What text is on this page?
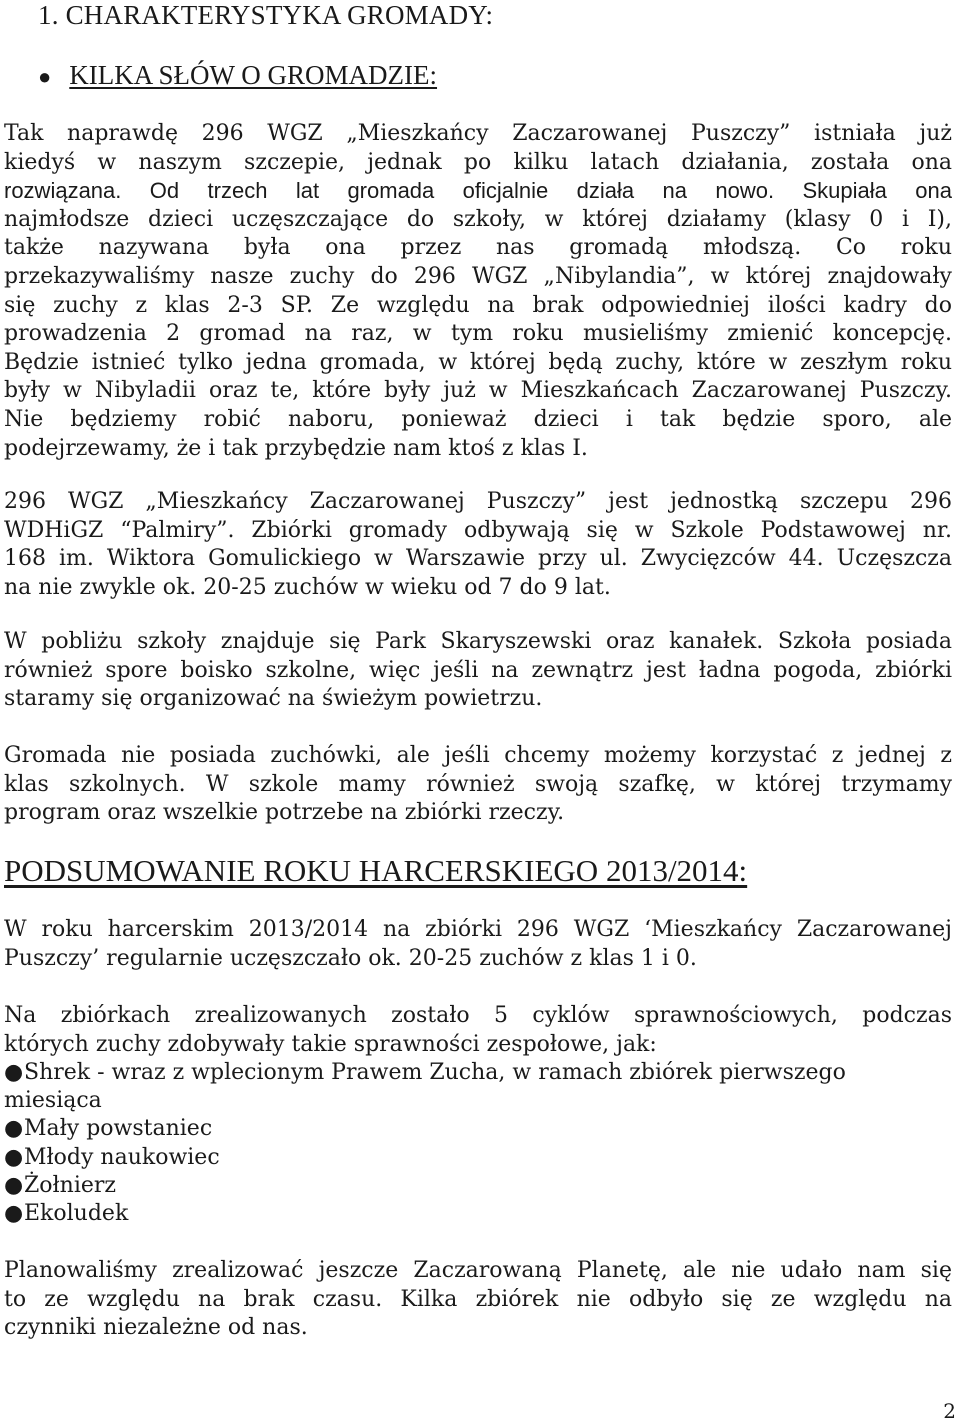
1. CHARAKTERYSTYKA GROMADY:
● KILKA SŁÓW O GROMADZIE:
Tak naprawdę 296 WGZ „Mieszkańcy Zaczarowanej Puszczy” istniała już
kiedyś w naszym szczepie, jednak po kilku latach działania, została ona
rozwiązana. Od trzech lat gromada oficjalnie działa na nowo. Skupiała ona
najmłodsze dzieci uczęszczające do szkoły, w której działamy (klasy 0 i I),
także nazywana była ona przez nas gromadą młodszą. Co roku
przekazywaliśmy nasze zuchy do 296 WGZ „Nibylandia”, w której znajdowały
się zuchy z klas 2-3 SP. Ze względu na brak odpowiedniej ilości kadry do
prowadzenia 2 gromad na raz, w tym roku musieliśmy zmienić koncepcję.
Będzie istnieć tylko jedna gromada, w której będą zuchy, które w zeszłym roku
były w Nibyladii oraz te, które były już w Mieszkańcach Zaczarowanej Puszczy.
Nie będziemy robić naboru, ponieważ dzieci i tak będzie sporo, ale
podejrzewamy, że i tak przybędzie nam ktoś z klas I.
296 WGZ „Mieszkańcy Zaczarowanej Puszczy” jest jednostką szczepu 296
WDHiGZ “Palmiry”. Zbiórki gromady odbywają się w Szkole Podstawowej nr.
168 im. Wiktora Gomulickiego w Warszawie przy ul. Zwycięzców 44. Uczęszcza
na nie zwykle ok. 20-25 zuchów w wieku od 7 do 9 lat.
W pobliżu szkoły znajduje się Park Skaryszewski oraz kanałek. Szkoła posiada
również spore boisko szkolne, więc jeśli na zewnątrz jest ładna pogoda, zbiórki
staramy się organizować na świeżym powietrzu.
Gromada nie posiada zuchówki, ale jeśli chcemy możemy korzystać z jednej z
klas szkolnych. W szkole mamy również swoją szafkę, w której trzymamy
program oraz wszelkie potrzebe na zbiórki rzeczy.
PODSUMOWANIE ROKU HARCERSKIEGO 2013/2014:
W roku harcerskim 2013/2014 na zbiórki 296 WGZ ‘Mieszkańcy Zaczarowanej
Puszczy’ regularnie uczęszczało ok. 20-25 zuchów z klas 1 i 0.
Na zbiórkach zrealizowanych zostało 5 cyklów sprawnościowych, podczas
których zuchy zdobywały takie sprawności zespołowe, jak:
●Shrek - wraz z wplecionym Prawem Zucha, w ramach zbiórek pierwszego
miesiąca
●Mały powstaniec
●Młody naukowiec
●Żołnierz
●Ekoludek
Planowaliśmy zrealizować jeszcze Zaczarowaną Planetę, ale nie udało nam się
to ze względu na brak czasu. Kilka zbiórek nie odbyło się ze względu na
czynniki niezależne od nas.
2
